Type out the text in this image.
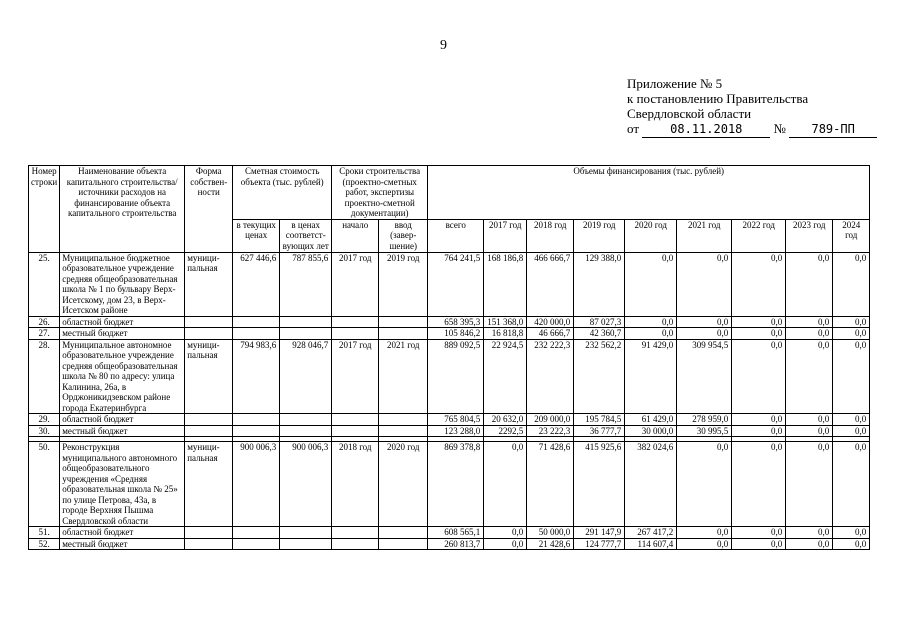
9
Приложение № 5
к постановлению Правительства
Свердловской области
от	08.11.2018 № 789-ПП
Номер строки	Наименование объекта капитального строительства/ источники расходов на финансирование объекта капитального строительства	Форма собствен-ности	Сметная стоимость объекта (тыс. рублей)		Сроки строительства (проектно-сметных работ, экспертизы проектно-сметной документации)		Объемы финансирования (тыс. рублей)								
			в текущих ценах	в ценах соответст-вующих лет	начало	ввод (завер-шение)	всего	2017 год	2018 год	2019 год	2020 год	2021 год	2022 год	2023 год	2024 год
25.	Муниципальное бюджетное образовательное учреждение средняя общеобразовательная школа № 1 по бульвару Верх-Исетскому, дом 23, в Верх-Исетском районе	муници-пальная	627 446,6	787 855,6	2017 год	2019 год	764 241,5	168 186,8	466 666,7	129 388,0	0,0	0,0	0,0	0,0	0,0
26.	областной бюджет						658 395,3	151 368,0	420 000,0	87 027,3	0,0	0,0	0,0	0,0	0,0
27.	местный бюджет						105 846,2	16 818,8	46 666,7	42 360,7	0,0	0,0	0,0	0,0	0,0
28.	Муниципальное автономное образовательное учреждение средняя общеобразовательная школа № 80 по адресу: улица Калинина, 26а, в Орджоникидзевском районе города Екатеринбурга	муници-пальная	794 983,6	928 046,7	2017 год	2021 год	889 092,5	22 924,5	232 222,3	232 562,2	91 429,0	309 954,5	0,0	0,0	0,0
29.	областной бюджет						765 804,5	20 632,0	209 000,0	195 784,5	61 429,0	278 959,0	0,0	0,0	0,0
30.	местный бюджет						123 288,0	2292,5	23 222,3	36 777,7	30 000,0	30 995,5	0,0	0,0	0,0

50.	Реконструкция муниципального автономного общеобразовательного учреждения «Средняя образовательная школа № 25» по улице Петрова, 43а, в городе Верхняя Пышма Свердловской области	муници-пальная	900 006,3	900 006,3	2018 год	2020 год	869 378,8	0,0	71 428,6	415 925,6	382 024,6	0,0	0,0	0,0	0,0
51.	областной бюджет						608 565,1	0,0	50 000,0	291 147,9	267 417,2	0,0	0,0	0,0	0,0
52.	местный бюджет						260 813,7	0,0	21 428,6	124 777,7	114 607,4	0,0	0,0	0,0	0,0
